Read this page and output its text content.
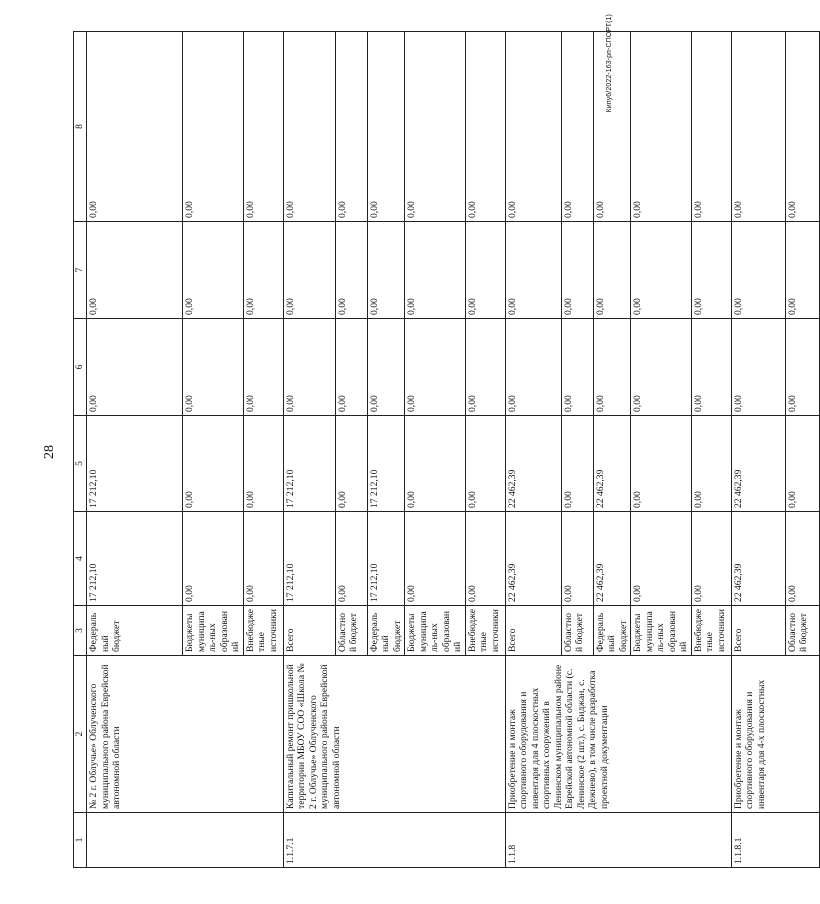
28
1	2	3	4	5	6	7	8
	№ 2 г. Облучье» Облученского муниципального района Еврейской автономной области	Федеральный бюджет	17 212,10	17 212,10	0,00	0,00	0,00
		Бюджеты муниципаль-ных образований	0,00	0,00	0,00	0,00	0,00
		Внебюджетные источники	0,00	0,00	0,00	0,00	0,00
1.1.7.1	Капитальный ремонт пришкольной территории МБОУ СОО «Школа № 2 г. Облучье» Облученского муниципального района Еврейской автономной области	Всего	17 212,10	17 212,10	0,00	0,00	0,00
		Областной бюджет	0,00	0,00	0,00	0,00	0,00
		Федеральный бюджет	17 212,10	17 212,10	0,00	0,00	0,00
		Бюджеты муниципаль-ных образований	0,00	0,00	0,00	0,00	0,00
		Внебюджетные источники	0,00	0,00	0,00	0,00	0,00
1.1.8	Приобретение и монтаж спортивного оборудования и инвентаря для 4 плоскостных спортивных сооружений в Ленинском муниципальном районе Еврейской автономной области (с. Ленинское (2 шт.), с. Биджан, с. Дежнево), в том числе разработка проектной документации	Всего	22 462,39	22 462,39	0,00	0,00	0,00
		Областной бюджет	0,00	0,00	0,00	0,00	0,00
		Федеральный бюджет	22 462,39	22 462,39	0,00	0,00	0,00
		Бюджеты муниципаль-ных образований	0,00	0,00	0,00	0,00	0,00
		Внебюджетные источники	0,00	0,00	0,00	0,00	0,00
1.1.8.1	Приобретение и монтаж спортивного оборудования и инвентаря для 4-х плоскостных	Всего	22 462,39	22 462,39	0,00	0,00	0,00
		Областной бюджет	0,00	0,00	0,00	0,00	0,00
Кипу6/2022-163-рп-СПОРТ(1)
